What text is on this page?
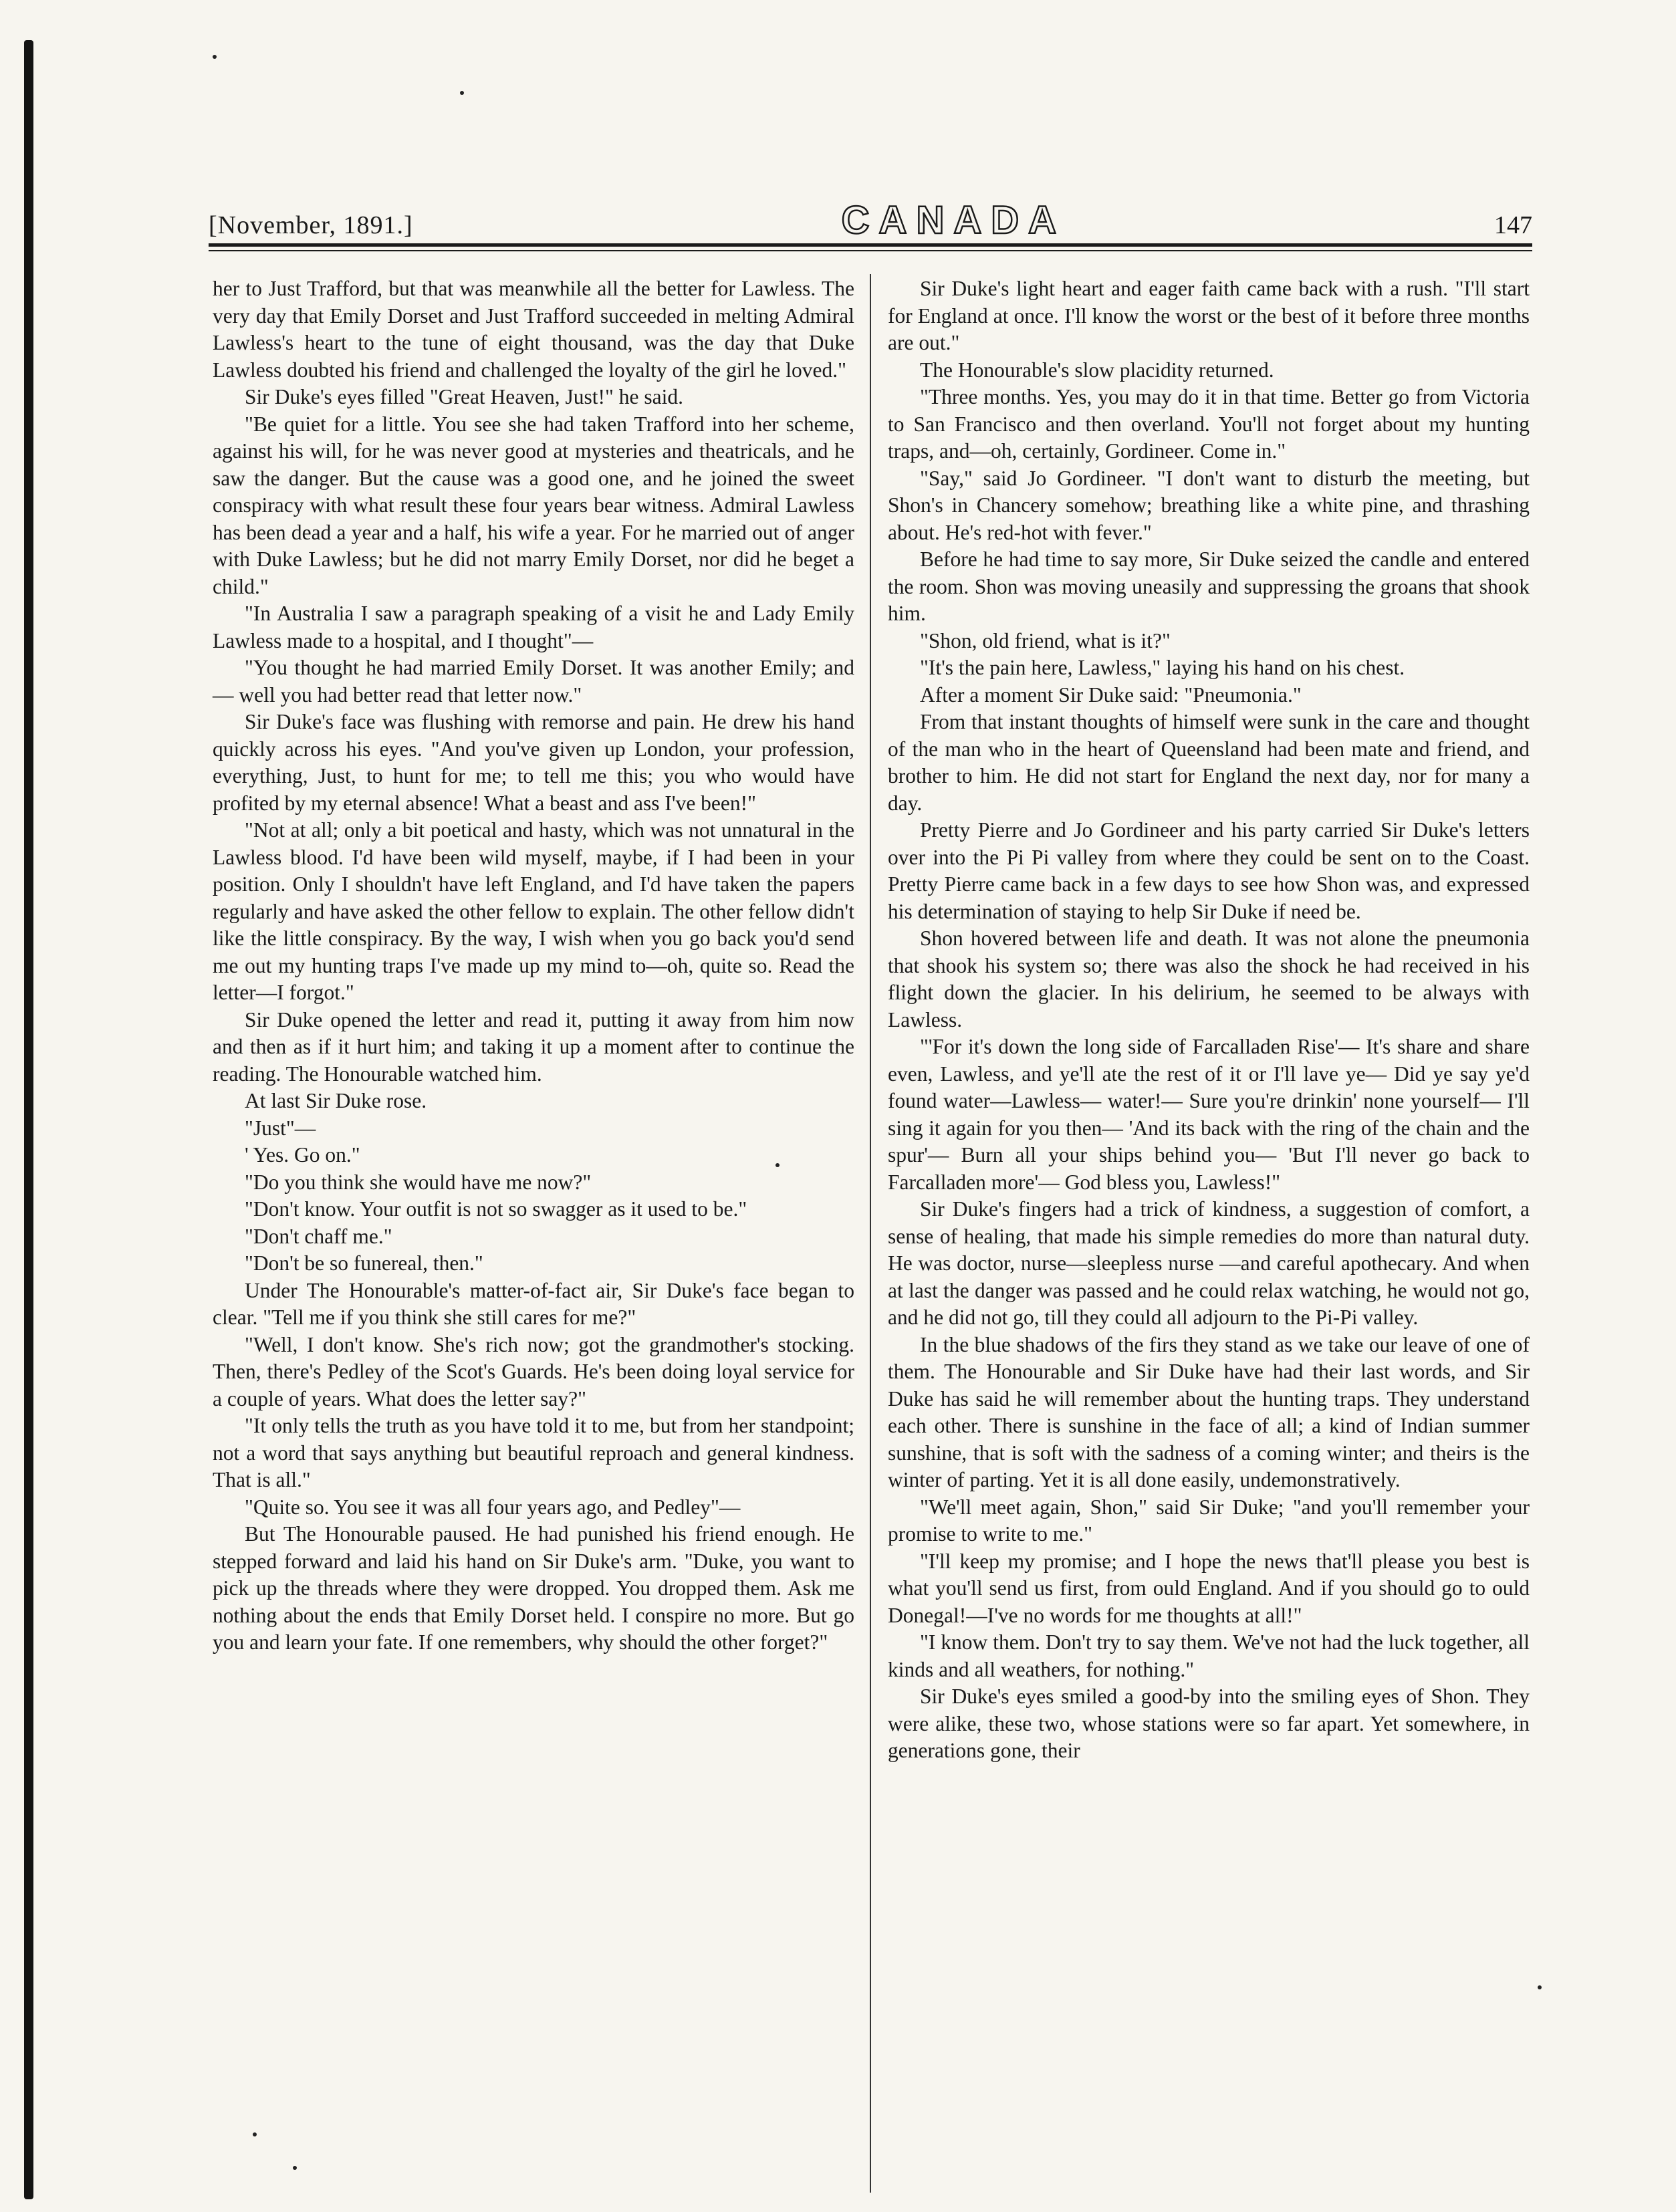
[November, 1891.]	CANADA	147

her to Just Trafford, but that was meanwhile all the better for Lawless. The very day that Emily Dorset and Just Trafford succeeded in melting Admiral Lawless's heart to the tune of eight thousand, was the day that Duke Lawless doubted his friend and challenged the loyalty of the girl he loved."

Sir Duke's eyes filled "Great Heaven, Just!" he said.

"Be quiet for a little. You see she had taken Trafford into her scheme, against his will, for he was never good at mysteries and theatricals, and he saw the danger. But the cause was a good one, and he joined the sweet conspiracy with what result these four years bear witness. Admiral Lawless has been dead a year and a half, his wife a year. For he married out of anger with Duke Lawless; but he did not marry Emily Dorset, nor did he beget a child."

"In Australia I saw a paragraph speaking of a visit he and Lady Emily Lawless made to a hospital, and I thought"—

"You thought he had married Emily Dorset. It was another Emily; and — well you had better read that letter now."

Sir Duke's face was flushing with remorse and pain. He drew his hand quickly across his eyes. "And you've given up London, your profession, everything, Just, to hunt for me; to tell me this; you who would have profited by my eternal absence! What a beast and ass I've been!"

"Not at all; only a bit poetical and hasty, which was not unnatural in the Lawless blood. I'd have been wild myself, maybe, if I had been in your position. Only I shouldn't have left England, and I'd have taken the papers regularly and have asked the other fellow to explain. The other fellow didn't like the little conspiracy. By the way, I wish when you go back you'd send me out my hunting traps I've made up my mind to—oh, quite so. Read the letter—I forgot."

Sir Duke opened the letter and read it, putting it away from him now and then as if it hurt him; and taking it up a moment after to continue the reading. The Honourable watched him.

At last Sir Duke rose.

"Just"—

' Yes. Go on."

"Do you think she would have me now?"

"Don't know. Your outfit is not so swagger as it used to be."

"Don't chaff me."

"Don't be so funereal, then."

Under The Honourable's matter-of-fact air, Sir Duke's face began to clear. "Tell me if you think she still cares for me?"

"Well, I don't know. She's rich now; got the grandmother's stocking. Then, there's Pedley of the Scot's Guards. He's been doing loyal service for a couple of years. What does the letter say?"

"It only tells the truth as you have told it to me, but from her standpoint; not a word that says anything but beautiful reproach and general kindness. That is all."

"Quite so. You see it was all four years ago, and Pedley"—

But The Honourable paused. He had punished his friend enough. He stepped forward and laid his hand on Sir Duke's arm. "Duke, you want to pick up the threads where they were dropped. You dropped them. Ask me nothing about the ends that Emily Dorset held. I conspire no more. But go you and learn your fate. If one remembers, why should the other forget?"

Sir Duke's light heart and eager faith came back with a rush. "I'll start for England at once. I'll know the worst or the best of it before three months are out."

The Honourable's slow placidity returned.

"Three months. Yes, you may do it in that time. Better go from Victoria to San Francisco and then overland. You'll not forget about my hunting traps, and—oh, certainly, Gordineer. Come in."

"Say," said Jo Gordineer. "I don't want to disturb the meeting, but Shon's in Chancery somehow; breathing like a white pine, and thrashing about. He's red-hot with fever."

Before he had time to say more, Sir Duke seized the candle and entered the room. Shon was moving uneasily and suppressing the groans that shook him.

"Shon, old friend, what is it?"

"It's the pain here, Lawless," laying his hand on his chest.

After a moment Sir Duke said: "Pneumonia."

From that instant thoughts of himself were sunk in the care and thought of the man who in the heart of Queensland had been mate and friend, and brother to him. He did not start for England the next day, nor for many a day.

Pretty Pierre and Jo Gordineer and his party carried Sir Duke's letters over into the Pi Pi valley from where they could be sent on to the Coast. Pretty Pierre came back in a few days to see how Shon was, and expressed his determination of staying to help Sir Duke if need be.

Shon hovered between life and death. It was not alone the pneumonia that shook his system so; there was also the shock he had received in his flight down the glacier. In his delirium, he seemed to be always with Lawless.

"'For it's down the long side of Farcalladen Rise'— It's share and share even, Lawless, and ye'll ate the rest of it or I'll lave ye— Did ye say ye'd found water—Lawless— water!— Sure you're drinkin' none yourself— I'll sing it again for you then— 'And its back with the ring of the chain and the spur'— Burn all your ships behind you— 'But I'll never go back to Farcalladen more'— God bless you, Lawless!"

Sir Duke's fingers had a trick of kindness, a suggestion of comfort, a sense of healing, that made his simple remedies do more than natural duty. He was doctor, nurse—sleepless nurse —and careful apothecary. And when at last the danger was passed and he could relax watching, he would not go, and he did not go, till they could all adjourn to the Pi-Pi valley.

In the blue shadows of the firs they stand as we take our leave of one of them. The Honourable and Sir Duke have had their last words, and Sir Duke has said he will remember about the hunting traps. They understand each other. There is sunshine in the face of all; a kind of Indian summer sunshine, that is soft with the sadness of a coming winter; and theirs is the winter of parting. Yet it is all done easily, undemonstratively.

"We'll meet again, Shon," said Sir Duke; "and you'll remember your promise to write to me."

"I'll keep my promise; and I hope the news that'll please you best is what you'll send us first, from ould England. And if you should go to ould Donegal!—I've no words for me thoughts at all!"

"I know them. Don't try to say them. We've not had the luck together, all kinds and all weathers, for nothing."

Sir Duke's eyes smiled a good-by into the smiling eyes of Shon. They were alike, these two, whose stations were so far apart. Yet somewhere, in generations gone, their
